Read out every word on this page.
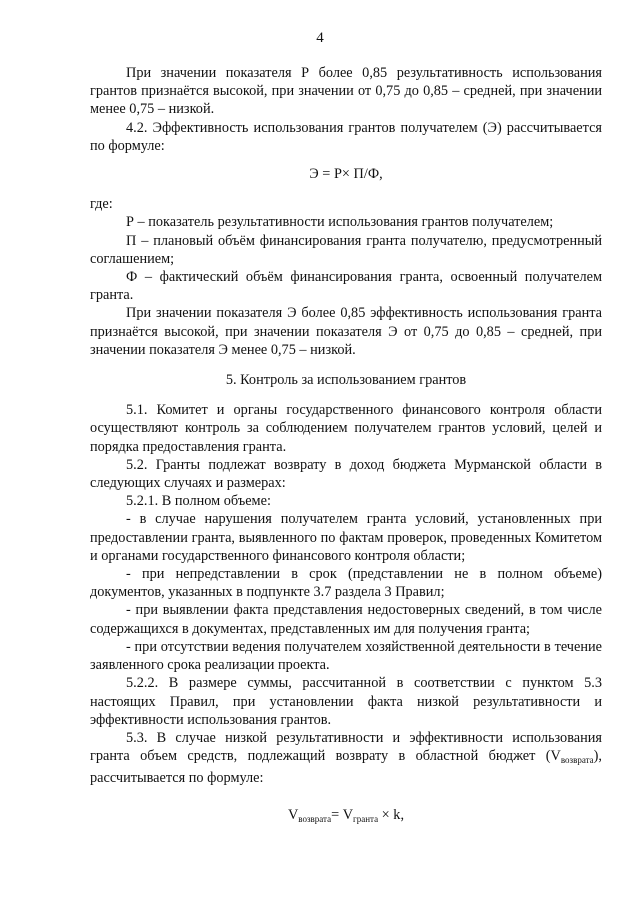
4

При значении показателя Р более 0,85 результативность использования грантов признаётся высокой, при значении от 0,75 до 0,85 – средней, при значении менее 0,75 – низкой.

4.2. Эффективность использования грантов получателем (Э) рассчитывается по формуле:

Э = Р× П/Ф,

где:

Р – показатель результативности использования грантов получателем;

П – плановый объём финансирования гранта получателю, предусмотренный соглашением;

Ф – фактический объём финансирования гранта, освоенный получателем гранта.

При значении показателя Э более 0,85 эффективность использования гранта признаётся высокой, при значении показателя Э от 0,75 до 0,85 – средней, при значении показателя Э менее 0,75 – низкой.

5. Контроль за использованием грантов

5.1. Комитет и органы государственного финансового контроля области осуществляют контроль за соблюдением получателем грантов условий, целей и порядка предоставления гранта.

5.2. Гранты подлежат возврату в доход бюджета Мурманской области в следующих случаях и размерах:

5.2.1. В полном объеме:

- в случае нарушения получателем гранта условий, установленных при предоставлении гранта, выявленного по фактам проверок, проведенных Комитетом и органами государственного финансового контроля области;

- при непредставлении в срок (представлении не в полном объеме) документов, указанных в подпункте 3.7 раздела 3 Правил;

- при выявлении факта представления недостоверных сведений, в том числе содержащихся в документах, представленных им для получения гранта;

- при отсутствии ведения получателем хозяйственной деятельности в течение заявленного срока реализации проекта.

5.2.2. В размере суммы, рассчитанной в соответствии с пунктом 5.3 настоящих Правил, при установлении факта низкой результативности и эффективности использования грантов.

5.3. В случае низкой результативности и эффективности использования гранта объем средств, подлежащий возврату в областной бюджет $(V_{возврата})$, рассчитывается по формуле:

$V_{возврата}= V_{гранта} \times k$,
